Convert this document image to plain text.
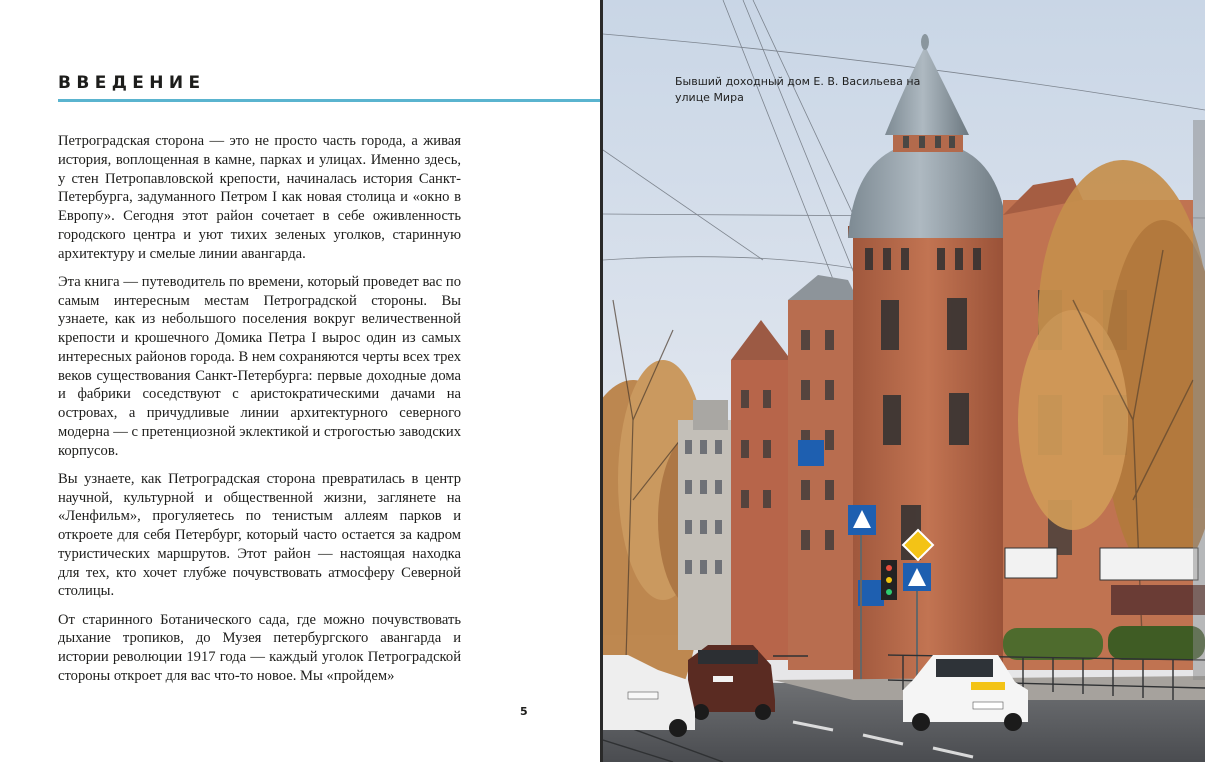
ВВЕДЕНИЕ

Петроградская сторона — это не просто часть города, а живая история, воплощенная в камне, парках и улицах. Именно здесь, у стен Петропавловской крепости, начиналась история Санкт-Петербурга, задуманного Петром I как новая столица и «окно в Европу». Сегодня этот район сочетает в себе оживленность городского центра и уют тихих зеленых уголков, старинную архитектуру и смелые линии авангарда.

Эта книга — путеводитель по времени, который проведет вас по самым интересным местам Петроградской стороны. Вы узнаете, как из небольшого поселения вокруг величественной крепости и крошечного Домика Петра I вырос один из самых интересных районов города. В нем сохраняются черты всех трех веков существования Санкт-Петербурга: первые доходные дома и фабрики соседствуют с аристократическими дачами на островах, а причудливые линии архитектурного северного модерна — с претенциозной эклектикой и строгостью заводских корпусов.

Вы узнаете, как Петроградская сторона превратилась в центр научной, культурной и общественной жизни, заглянете на «Ленфильм», прогуляетесь по тенистым аллеям парков и откроете для себя Петербург, который часто остается за кадром туристических маршрутов. Этот район — настоящая находка для тех, кто хочет глубже почувствовать атмосферу Северной столицы.

От старинного Ботанического сада, где можно почувствовать дыхание тропиков, до Музея петербургского авангарда и истории революции 1917 года — каждый уголок Петроградской стороны откроет для вас что-то новое. Мы «пройдем»

5
Бывший доходный дом Е. В. Васильева на улице Мира
